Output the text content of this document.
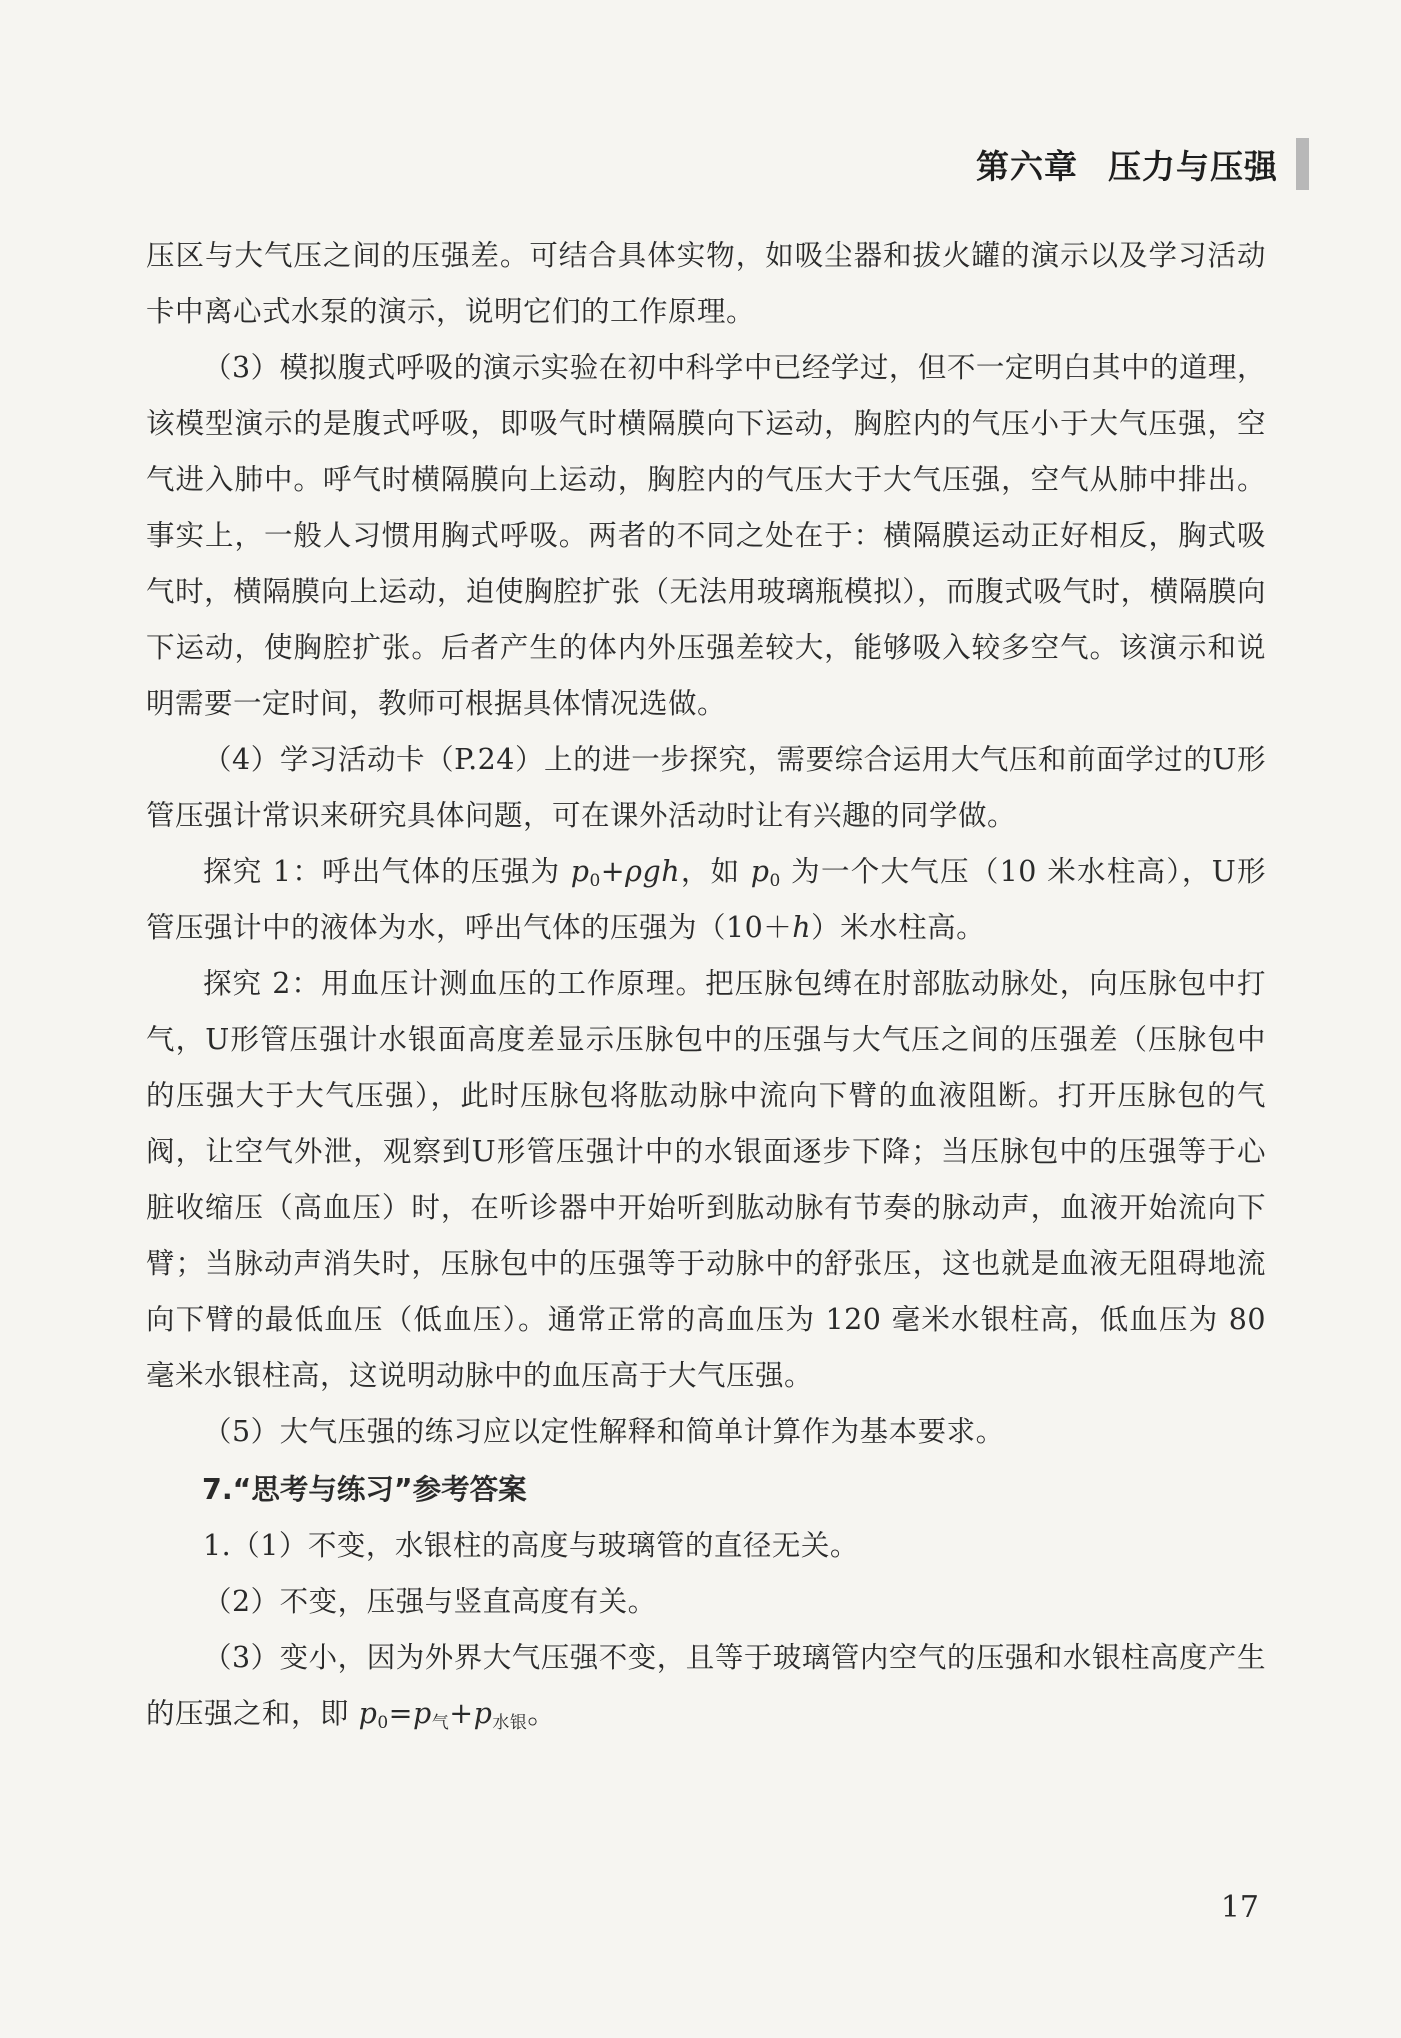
第六章 压力与压强

压区与大气压之间的压强差。可结合具体实物，如吸尘器和拔火罐的演示以及学习活动卡中离心式水泵的演示，说明它们的工作原理。

（3）模拟腹式呼吸的演示实验在初中科学中已经学过，但不一定明白其中的道理，该模型演示的是腹式呼吸，即吸气时横隔膜向下运动，胸腔内的气压小于大气压强，空气进入肺中。呼气时横隔膜向上运动，胸腔内的气压大于大气压强，空气从肺中排出。事实上，一般人习惯用胸式呼吸。两者的不同之处在于：横隔膜运动正好相反，胸式吸气时，横隔膜向上运动，迫使胸腔扩张（无法用玻璃瓶模拟），而腹式吸气时，横隔膜向下运动，使胸腔扩张。后者产生的体内外压强差较大，能够吸入较多空气。该演示和说明需要一定时间，教师可根据具体情况选做。

（4）学习活动卡（P.24）上的进一步探究，需要综合运用大气压和前面学过的U形管压强计常识来研究具体问题，可在课外活动时让有兴趣的同学做。

探究 1：呼出气体的压强为 $p_0+\rho gh$，如 $p_0$ 为一个大气压（10 米水柱高），U形管压强计中的液体为水，呼出气体的压强为（10＋h）米水柱高。

探究 2：用血压计测血压的工作原理。把压脉包缚在肘部肱动脉处，向压脉包中打气，U形管压强计水银面高度差显示压脉包中的压强与大气压之间的压强差（压脉包中的压强大于大气压强），此时压脉包将肱动脉中流向下臂的血液阻断。打开压脉包的气阀，让空气外泄，观察到U形管压强计中的水银面逐步下降；当压脉包中的压强等于心脏收缩压（高血压）时，在听诊器中开始听到肱动脉有节奏的脉动声，血液开始流向下臂；当脉动声消失时，压脉包中的压强等于动脉中的舒张压，这也就是血液无阻碍地流向下臂的最低血压（低血压）。通常正常的高血压为 120 毫米水银柱高，低血压为 80 毫米水银柱高，这说明动脉中的血压高于大气压强。

（5）大气压强的练习应以定性解释和简单计算作为基本要求。

7.“思考与练习”参考答案

1.（1）不变，水银柱的高度与玻璃管的直径无关。

（2）不变，压强与竖直高度有关。

（3）变小，因为外界大气压强不变，且等于玻璃管内空气的压强和水银柱高度产生的压强之和，即 $p_0=p_气+p_{水银}$。

17
